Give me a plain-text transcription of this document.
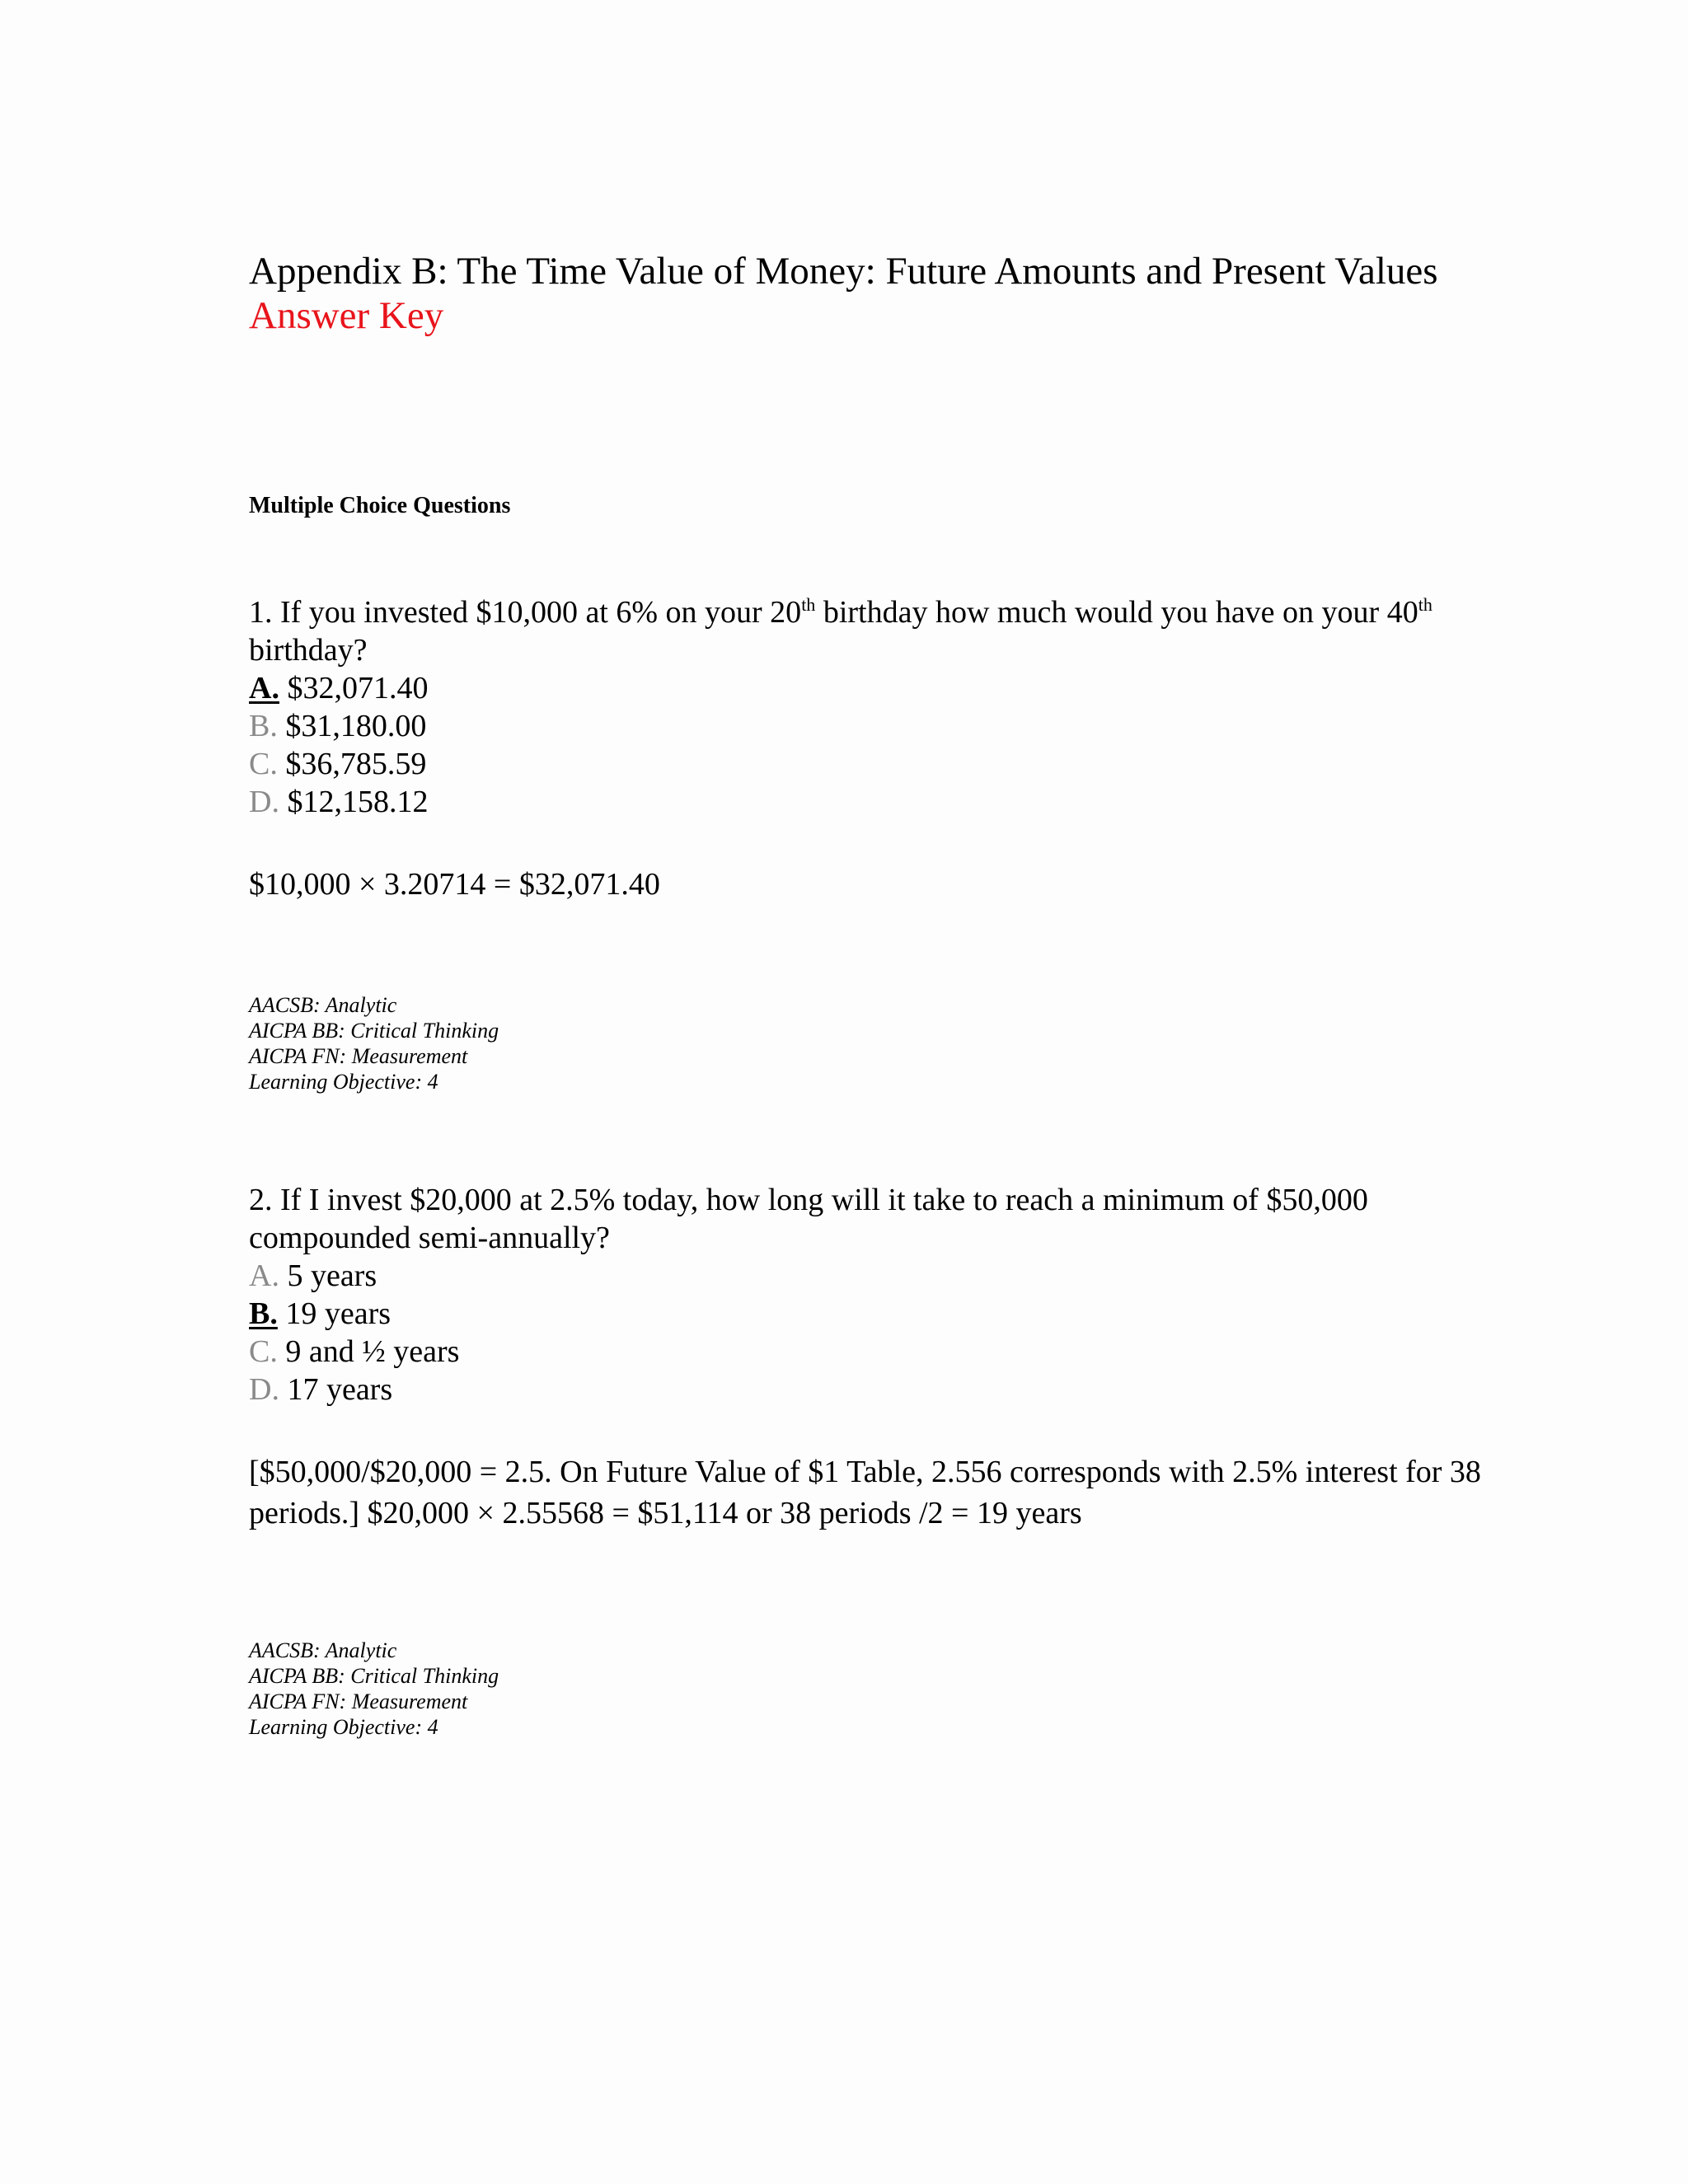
Appendix B: The Time Value of Money: Future Amounts and Present Values Answer Key
Multiple Choice Questions

1. If you invested $10,000 at 6% on your 20th birthday how much would you have on your 40th birthday?

A. $32,071.40
B. $31,180.00
C. $36,785.59
D. $12,158.12

$10,000 × 3.20714 = $32,071.40

AACSB: Analytic
AICPA BB: Critical Thinking
AICPA FN: Measurement
Learning Objective: 4

2. If I invest $20,000 at 2.5% today, how long will it take to reach a minimum of $50,000 compounded semi-annually?

A. 5 years
B. 19 years
C. 9 and ½ years
D. 17 years

[$50,000/$20,000 = 2.5. On Future Value of $1 Table, 2.556 corresponds with 2.5% interest for 38 periods.] $20,000 × 2.55568 = $51,114 or 38 periods /2 = 19 years

AACSB: Analytic
AICPA BB: Critical Thinking
AICPA FN: Measurement
Learning Objective: 4
